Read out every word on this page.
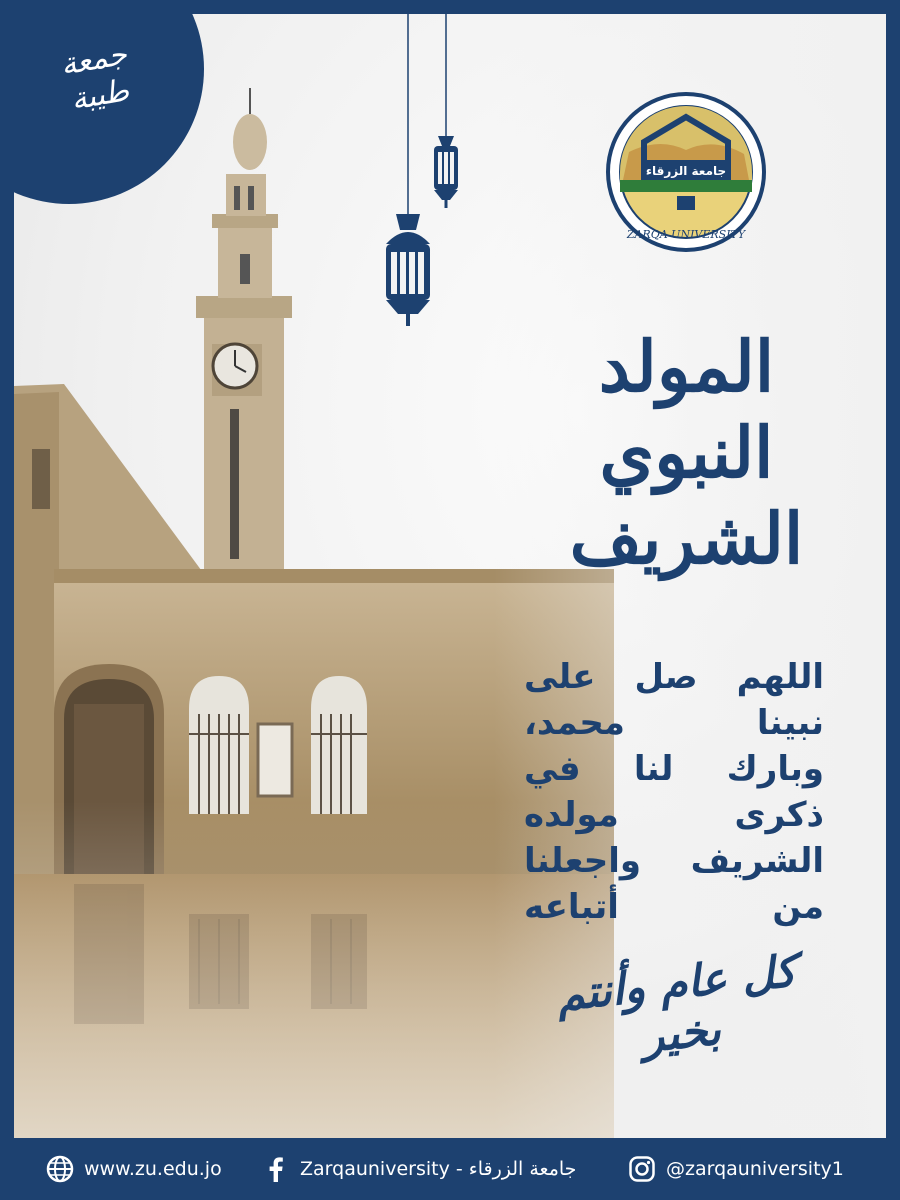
جمعة طيبة
جامعة الزرقاء
ZARQA UNIVERSITY
المولد
النبوي
الشريف
اللهم صل على
نبينا محمد،
وبارك لنا في
ذكرى مولده
الشريف واجعلنا
من أتباعه
كل عام وأنتم بخير
www.zu.edu.jo	Zarqauniversity - جامعة الزرقاء	@zarqauniversity1
